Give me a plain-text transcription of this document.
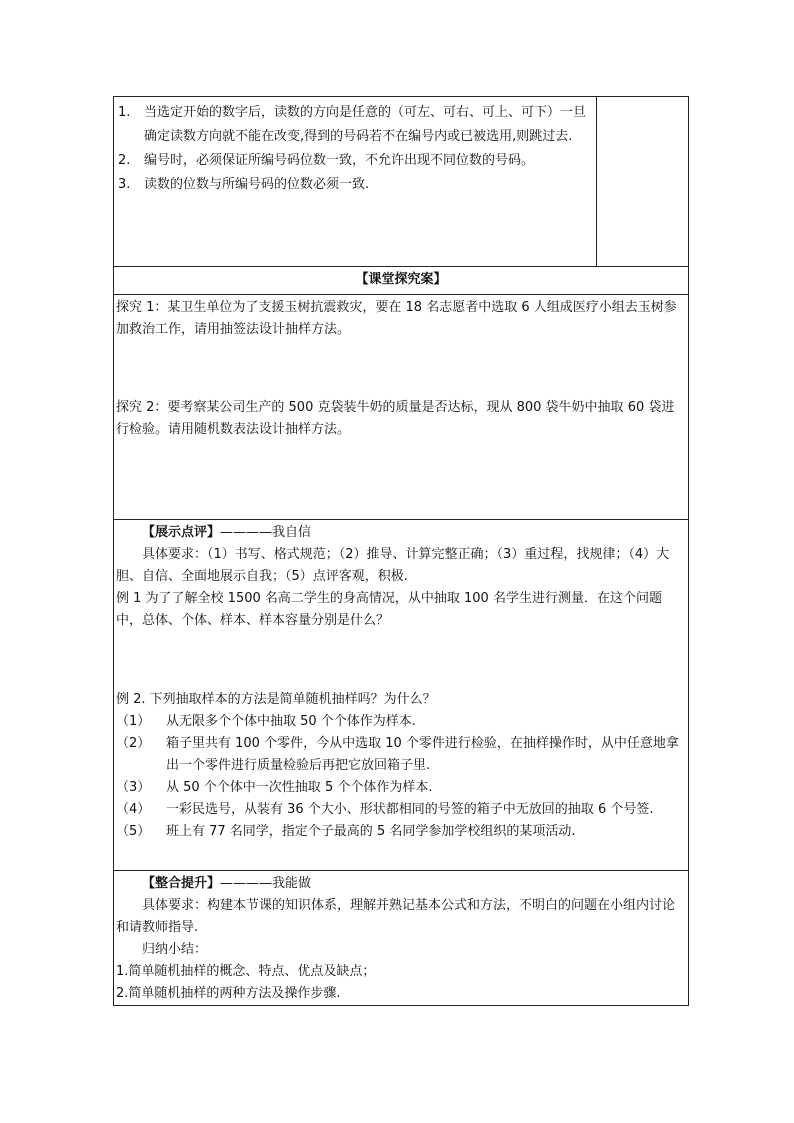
1.	当选定开始的数字后，读数的方向是任意的（可左、可右、可上、可下）一旦确定读数方向就不能在改变,得到的号码若不在编号内或已被选用,则跳过去.
2.	编号时，必须保证所编号码位数一致，不允许出现不同位数的号码。
3.	读数的位数与所编号码的位数必须一致.
【课堂探究案】

探究 1：某卫生单位为了支援玉树抗震救灾，要在 18 名志愿者中选取 6 人组成医疗小组去玉树参加救治工作，请用抽签法设计抽样方法。

探究 2：要考察某公司生产的 500 克袋装牛奶的质量是否达标，现从 800 袋牛奶中抽取 60 袋进行检验。请用随机数表法设计抽样方法。

【展示点评】————我自信

具体要求：（1）书写、格式规范；（2）推导、计算完整正确；（3）重过程，找规律；（4）大胆、自信、全面地展示自我；（5）点评客观，积极.

例 1 为了了解全校 1500 名高二学生的身高情况，从中抽取 100 名学生进行测量．在这个问题中，总体、个体、样本、样本容量分别是什么？

例 2. 下列抽取样本的方法是简单随机抽样吗？为什么？

（1）	从无限多个个体中抽取 50 个个体作为样本.
（2）	箱子里共有 100 个零件，今从中选取 10 个零件进行检验，在抽样操作时，从中任意地拿出一个零件进行质量检验后再把它放回箱子里.
（3）	从 50 个个体中一次性抽取 5 个个体作为样本.
（4）	一彩民选号，从装有 36 个大小、形状都相同的号签的箱子中无放回的抽取 6 个号签.
（5）	班上有 77 名同学，指定个子最高的 5 名同学参加学校组织的某项活动.

【整合提升】————我能做

具体要求：构建本节课的知识体系，理解并熟记基本公式和方法，不明白的问题在小组内讨论和请教师指导.

归纳小结：

1.简单随机抽样的概念、特点、优点及缺点；

2.简单随机抽样的两种方法及操作步骤.
